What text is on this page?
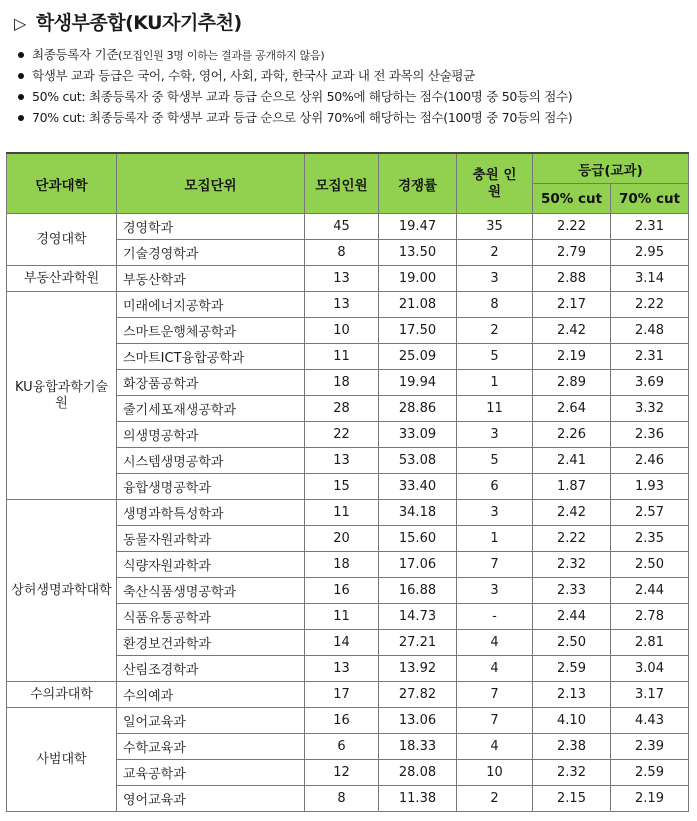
▷ 학생부종합(KU자기추천)
최종등록자 기준(모집인원 3명 이하는 결과를 공개하지 않음)
학생부 교과 등급은 국어, 수학, 영어, 사회, 과학, 한국사 교과 내 전 과목의 산술평균
50% cut: 최종등록자 중 학생부 교과 등급 순으로 상위 50%에 해당하는 점수(100명 중 50등의 점수)
70% cut: 최종등록자 중 학생부 교과 등급 순으로 상위 70%에 해당하는 점수(100명 중 70등의 점수)
단과대학	모집단위	모집인원	경쟁률	충원 인원	등급(교과)	
					50% cut	70% cut
경영대학	경영학과	45	19.47	35	2.22	2.31
	기술경영학과	8	13.50	2	2.79	2.95
부동산과학원	부동산학과	13	19.00	3	2.88	3.14
KU융합과학기술원	미래에너지공학과	13	21.08	8	2.17	2.22
	스마트운행체공학과	10	17.50	2	2.42	2.48
	스마트ICT융합공학과	11	25.09	5	2.19	2.31
	화장품공학과	18	19.94	1	2.89	3.69
	줄기세포재생공학과	28	28.86	11	2.64	3.32
	의생명공학과	22	33.09	3	2.26	2.36
	시스템생명공학과	13	53.08	5	2.41	2.46
	융합생명공학과	15	33.40	6	1.87	1.93
상허생명과학대학	생명과학특성학과	11	34.18	3	2.42	2.57
	동물자원과학과	20	15.60	1	2.22	2.35
	식량자원과학과	18	17.06	7	2.32	2.50
	축산식품생명공학과	16	16.88	3	2.33	2.44
	식품유통공학과	11	14.73	-	2.44	2.78
	환경보건과학과	14	27.21	4	2.50	2.81
	산림조경학과	13	13.92	4	2.59	3.04
수의과대학	수의예과	17	27.82	7	2.13	3.17
사범대학	일어교육과	16	13.06	7	4.10	4.43
	수학교육과	6	18.33	4	2.38	2.39
	교육공학과	12	28.08	10	2.32	2.59
	영어교육과	8	11.38	2	2.15	2.19
